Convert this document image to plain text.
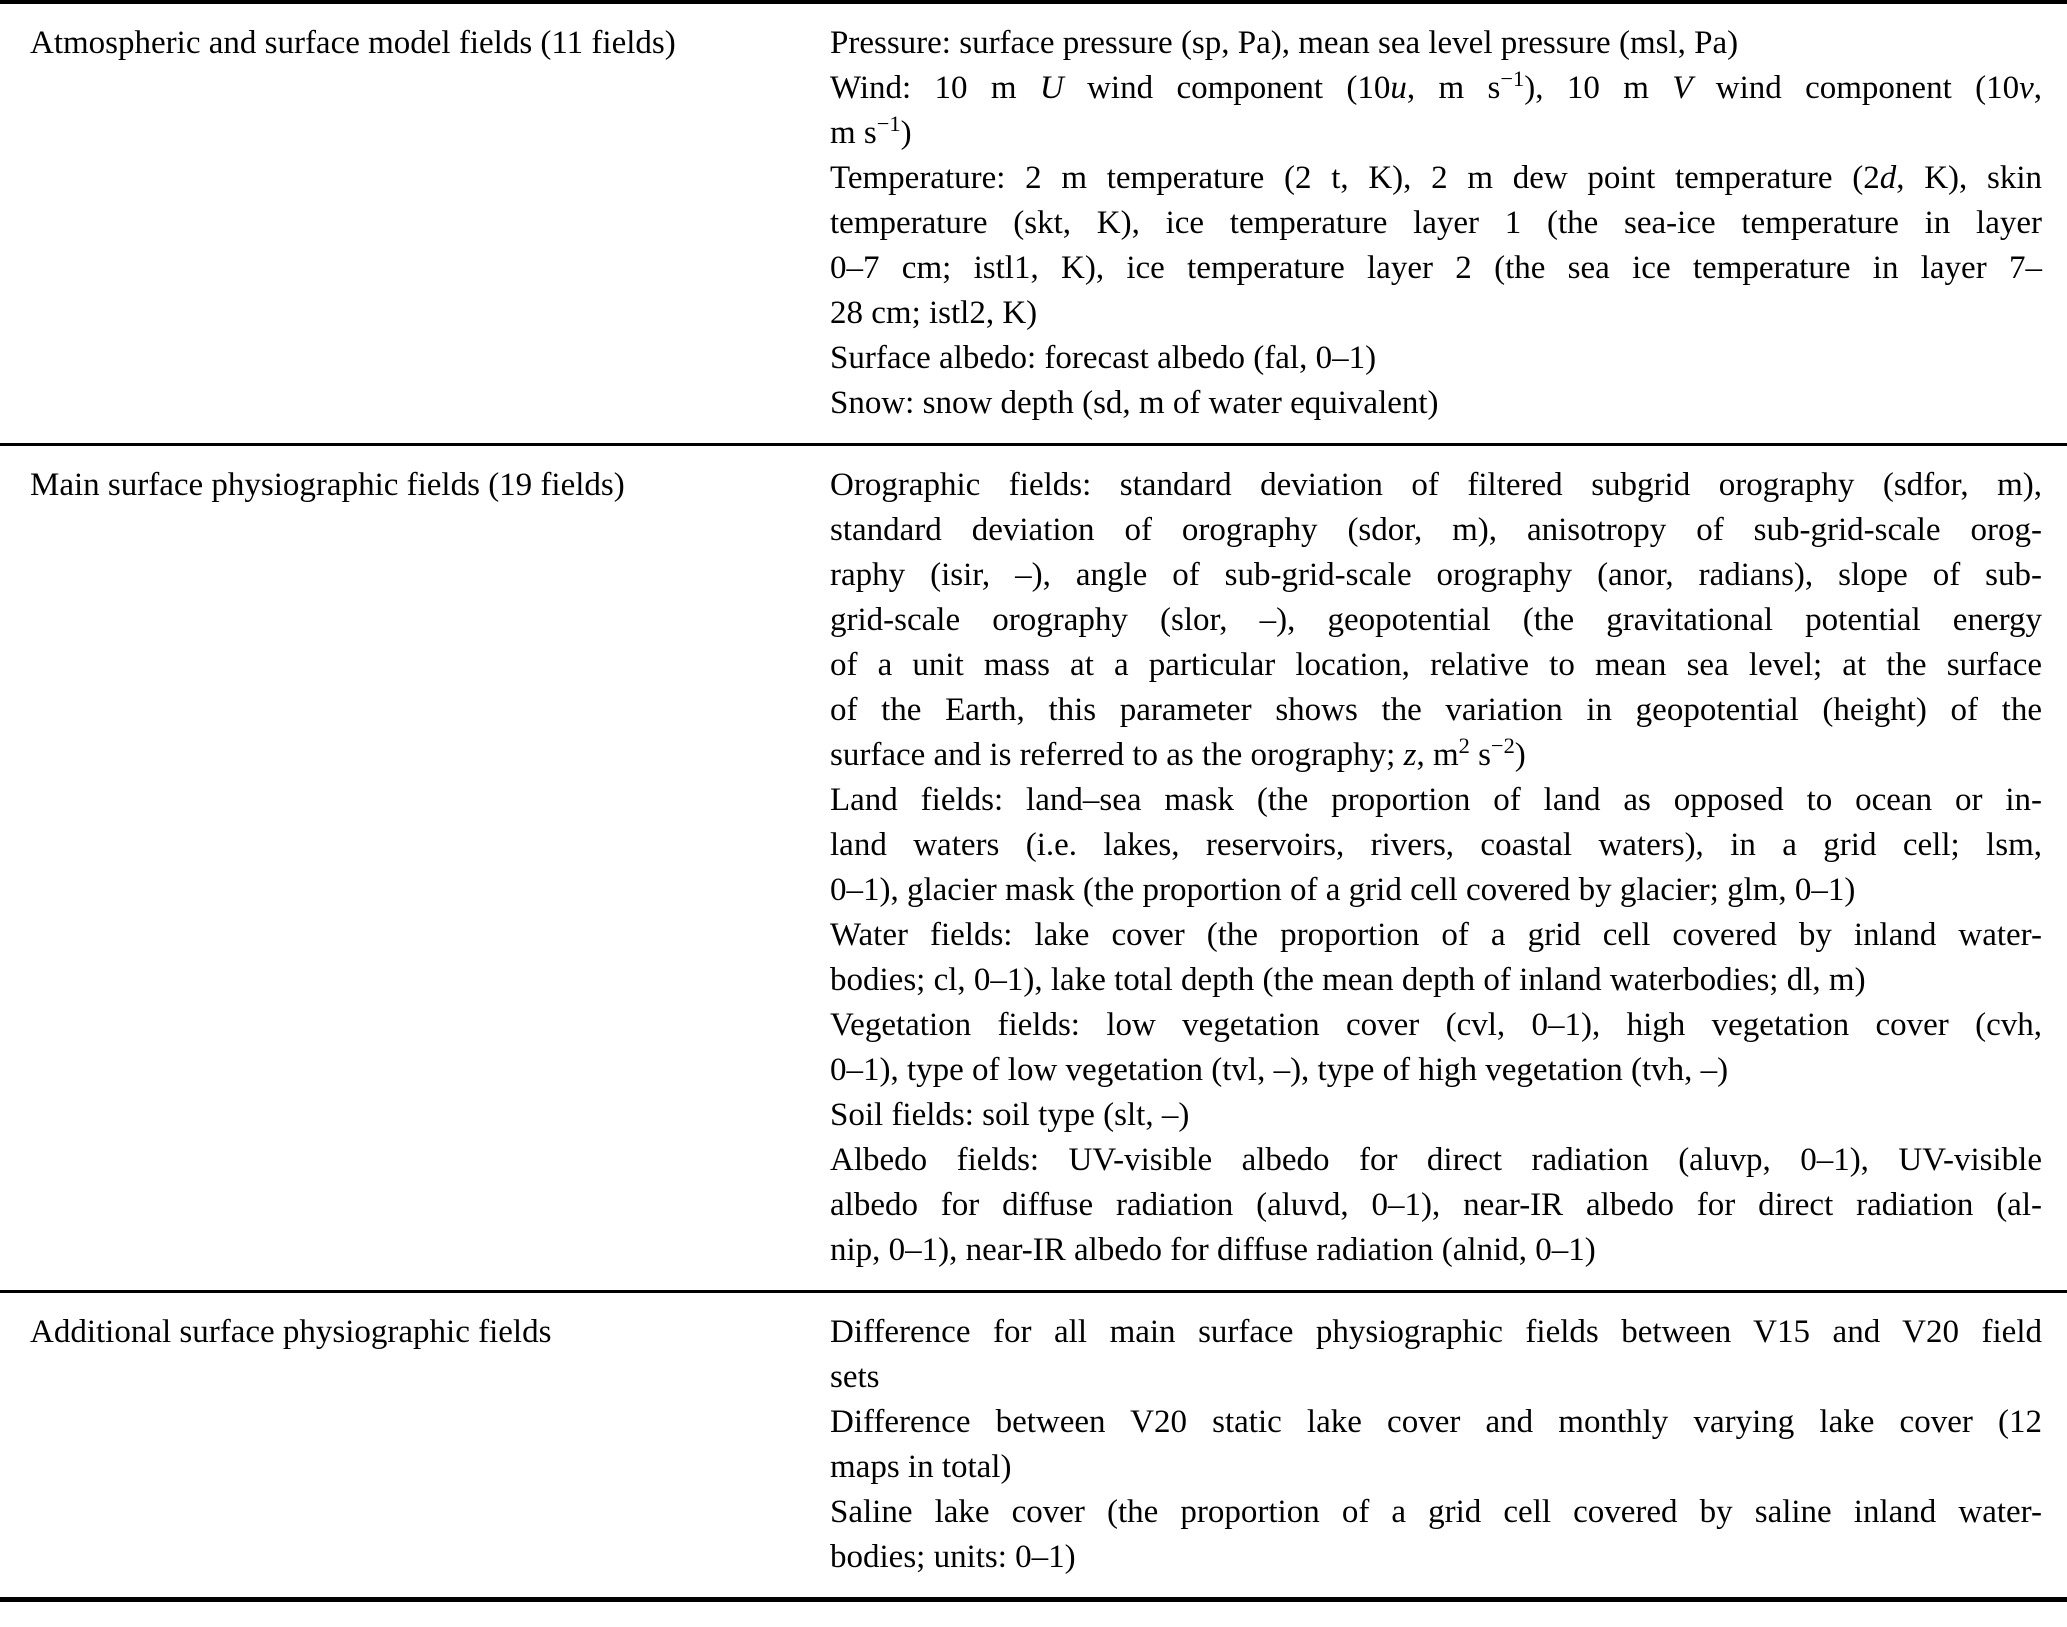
Atmospheric and surface model fields (11 fields)	Pressure: surface pressure (sp, Pa), mean sea level pressure (msl, Pa)
Wind: 10 m U wind component (10u, m $s^{-1}$), 10 m V wind component (10v,
m $s^{-1}$)
Temperature: 2 m temperature (2 t, K), 2 m dew point temperature (2d, K), skin
temperature (skt, K), ice temperature layer 1 (the sea-ice temperature in layer
0–7 cm; istl1, K), ice temperature layer 2 (the sea ice temperature in layer 7–
28 cm; istl2, K)
Surface albedo: forecast albedo (fal, 0–1)
Snow: snow depth (sd, m of water equivalent)
Main surface physiographic fields (19 fields)	Orographic fields: standard deviation of filtered subgrid orography (sdfor, m),
standard deviation of orography (sdor, m), anisotropy of sub-grid-scale orog-
raphy (isir, –), angle of sub-grid-scale orography (anor, radians), slope of sub-
grid-scale orography (slor, –), geopotential (the gravitational potential energy
of a unit mass at a particular location, relative to mean sea level; at the surface
of the Earth, this parameter shows the variation in geopotential (height) of the
surface and is referred to as the orography; z, $m^2$ $s^{-2}$)
Land fields: land–sea mask (the proportion of land as opposed to ocean or in-
land waters (i.e. lakes, reservoirs, rivers, coastal waters), in a grid cell; lsm,
0–1), glacier mask (the proportion of a grid cell covered by glacier; glm, 0–1)
Water fields: lake cover (the proportion of a grid cell covered by inland water-
bodies; cl, 0–1), lake total depth (the mean depth of inland waterbodies; dl, m)
Vegetation fields: low vegetation cover (cvl, 0–1), high vegetation cover (cvh,
0–1), type of low vegetation (tvl, –), type of high vegetation (tvh, –)
Soil fields: soil type (slt, –)
Albedo fields: UV-visible albedo for direct radiation (aluvp, 0–1), UV-visible
albedo for diffuse radiation (aluvd, 0–1), near-IR albedo for direct radiation (al-
nip, 0–1), near-IR albedo for diffuse radiation (alnid, 0–1)
Additional surface physiographic fields	Difference for all main surface physiographic fields between V15 and V20 field
sets
Difference between V20 static lake cover and monthly varying lake cover (12
maps in total)
Saline lake cover (the proportion of a grid cell covered by saline inland water-
bodies; units: 0–1)
